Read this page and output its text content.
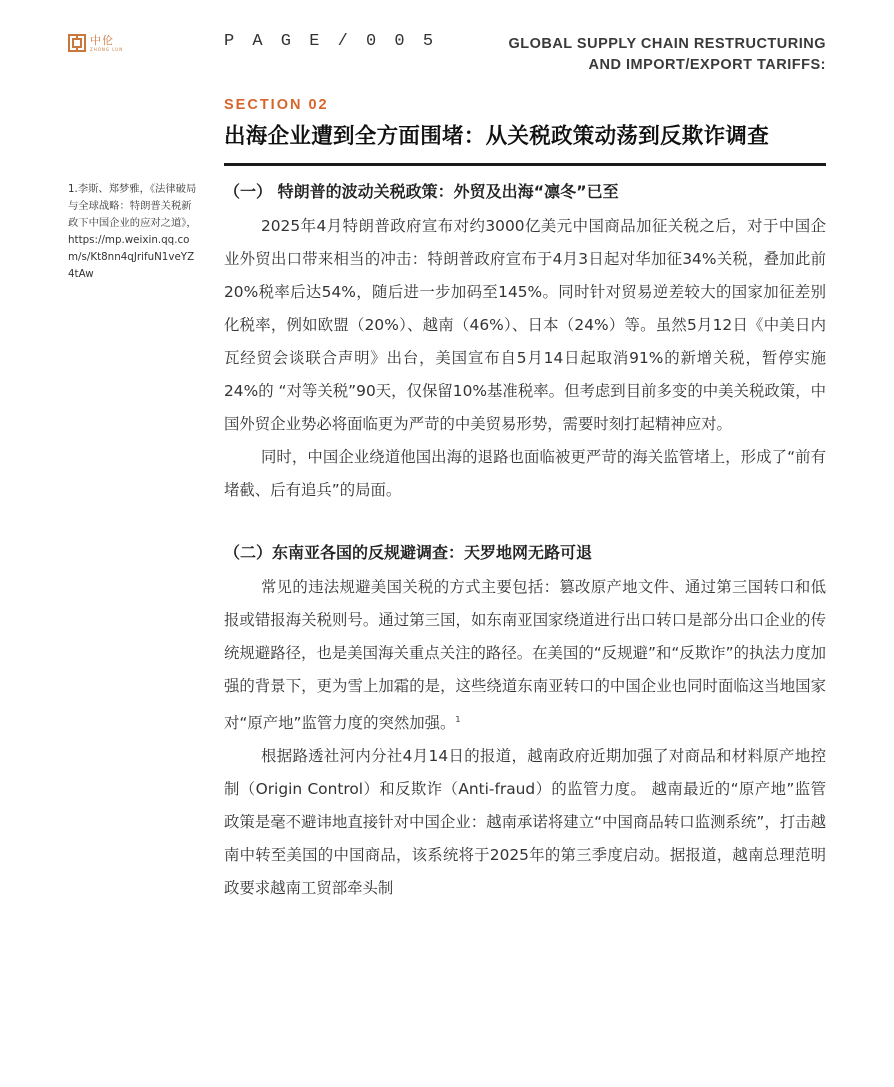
中伦
ZHONG LUN	P A G E / 0 0 5	GLOBAL SUPPLY CHAIN RESTRUCTURING
AND IMPORT/EXPORT TARIFFS:
SECTION 02
出海企业遭到全方面围堵：从关税政策动荡到反欺诈调查
1.李斯、郑梦雅，《法律破局与全球战略：特朗普关税新政下中国企业的应对之道》，https://mp.weixin.qq.com/s/Kt8nn4qJrifuN1veYZ4tAw

（一） 特朗普的波动关税政策：外贸及出海“凛冬”已至

2025年4月特朗普政府宣布对约3000亿美元中国商品加征关税之后，对于中国企业外贸出口带来相当的冲击：特朗普政府宣布于4月3日起对华加征34%关税，叠加此前20%税率后达54%，随后进一步加码至145%。同时针对贸易逆差较大的国家加征差别化税率，例如欧盟（20%）、越南（46%）、日本（24%）等。虽然5月12日《中美日内瓦经贸会谈联合声明》出台，美国宣布自5月14日起取消91%的新增关税，暂停实施24%的 “对等关税”90天，仅保留10%基准税率。但考虑到目前多变的中美关税政策，中国外贸企业势必将面临更为严苛的中美贸易形势，需要时刻打起精神应对。

同时，中国企业绕道他国出海的退路也面临被更严苛的海关监管堵上，形成了“前有堵截、后有追兵”的局面。

（二）东南亚各国的反规避调查：天罗地网无路可退

常见的违法规避美国关税的方式主要包括：篡改原产地文件、通过第三国转口和低报或错报海关税则号。通过第三国，如东南亚国家绕道进行出口转口是部分出口企业的传统规避路径，也是美国海关重点关注的路径。在美国的“反规避”和“反欺诈”的执法力度加强的背景下，更为雪上加霜的是，这些绕道东南亚转口的中国企业也同时面临这当地国家对“原产地”监管力度的突然加强。$^1$

根据路透社河内分社4月14日的报道，越南政府近期加强了对商品和材料原产地控制（Origin Control）和反欺诈（Anti-fraud）的监管力度。 越南最近的“原产地”监管政策是毫不避讳地直接针对中国企业：越南承诺将建立“中国商品转口监测系统”，打击越南中转至美国的中国商品，该系统将于2025年的第三季度启动。据报道，越南总理范明政要求越南工贸部牵头制
